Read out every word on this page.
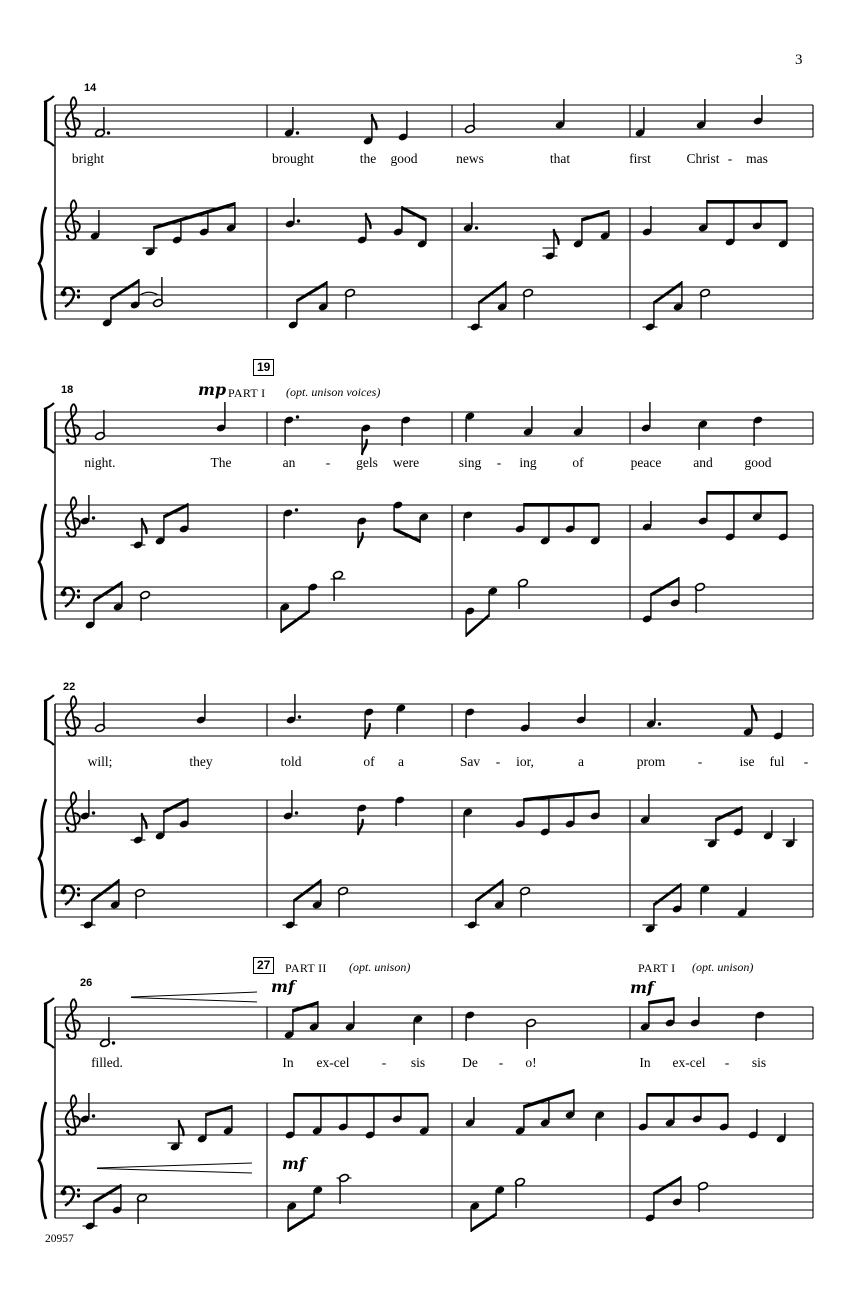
3
14
bright	brought	the good	news	that	first	Christ - mas
18
19
mp PART I (opt. unison voices)
night.	The	an - gels were	sing - ing	of	peace and good
22
will;	they	told	of a	Sav - ior,	a	prom -	ise ful -
26
27	PART II (opt. unison)
mf
PART I (opt. unison)
mf
mf
filled.	In ex-cel - sis	De - o!	In ex-cel - sis
20957
